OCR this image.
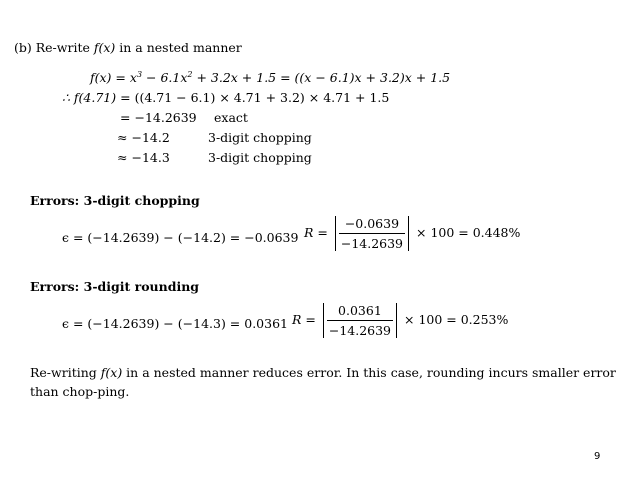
(b) Re-write f(x) in a nested manner
$f(x) = x^3 - 6.1x^2 + 3.2x + 1.5 = ((x - 6.1)x + 3.2)x + 1.5$
∴ f(4.71) = ((4.71 − 6.1) × 4.71 + 3.2) × 4.71 + 1.5
= −14.2639 exact
≈ −14.2	3-digit chopping
≈ −14.3	3-digit chopping
Errors: 3-digit chopping
ϵ = (−14.2639) − (−14.2) = −0.0639 $R = \frac{-0.0639}{-14.2639} \times 100 = 0.448\%$
Errors: 3-digit rounding
ϵ = (−14.2639) − (−14.3) = 0.0361 $R = \frac{0.0361}{-14.2639} \times 100 = 0.253\%$
Re-writing f(x) in a nested manner reduces error. In this case, rounding incurs smaller error than chop-ping.
9
